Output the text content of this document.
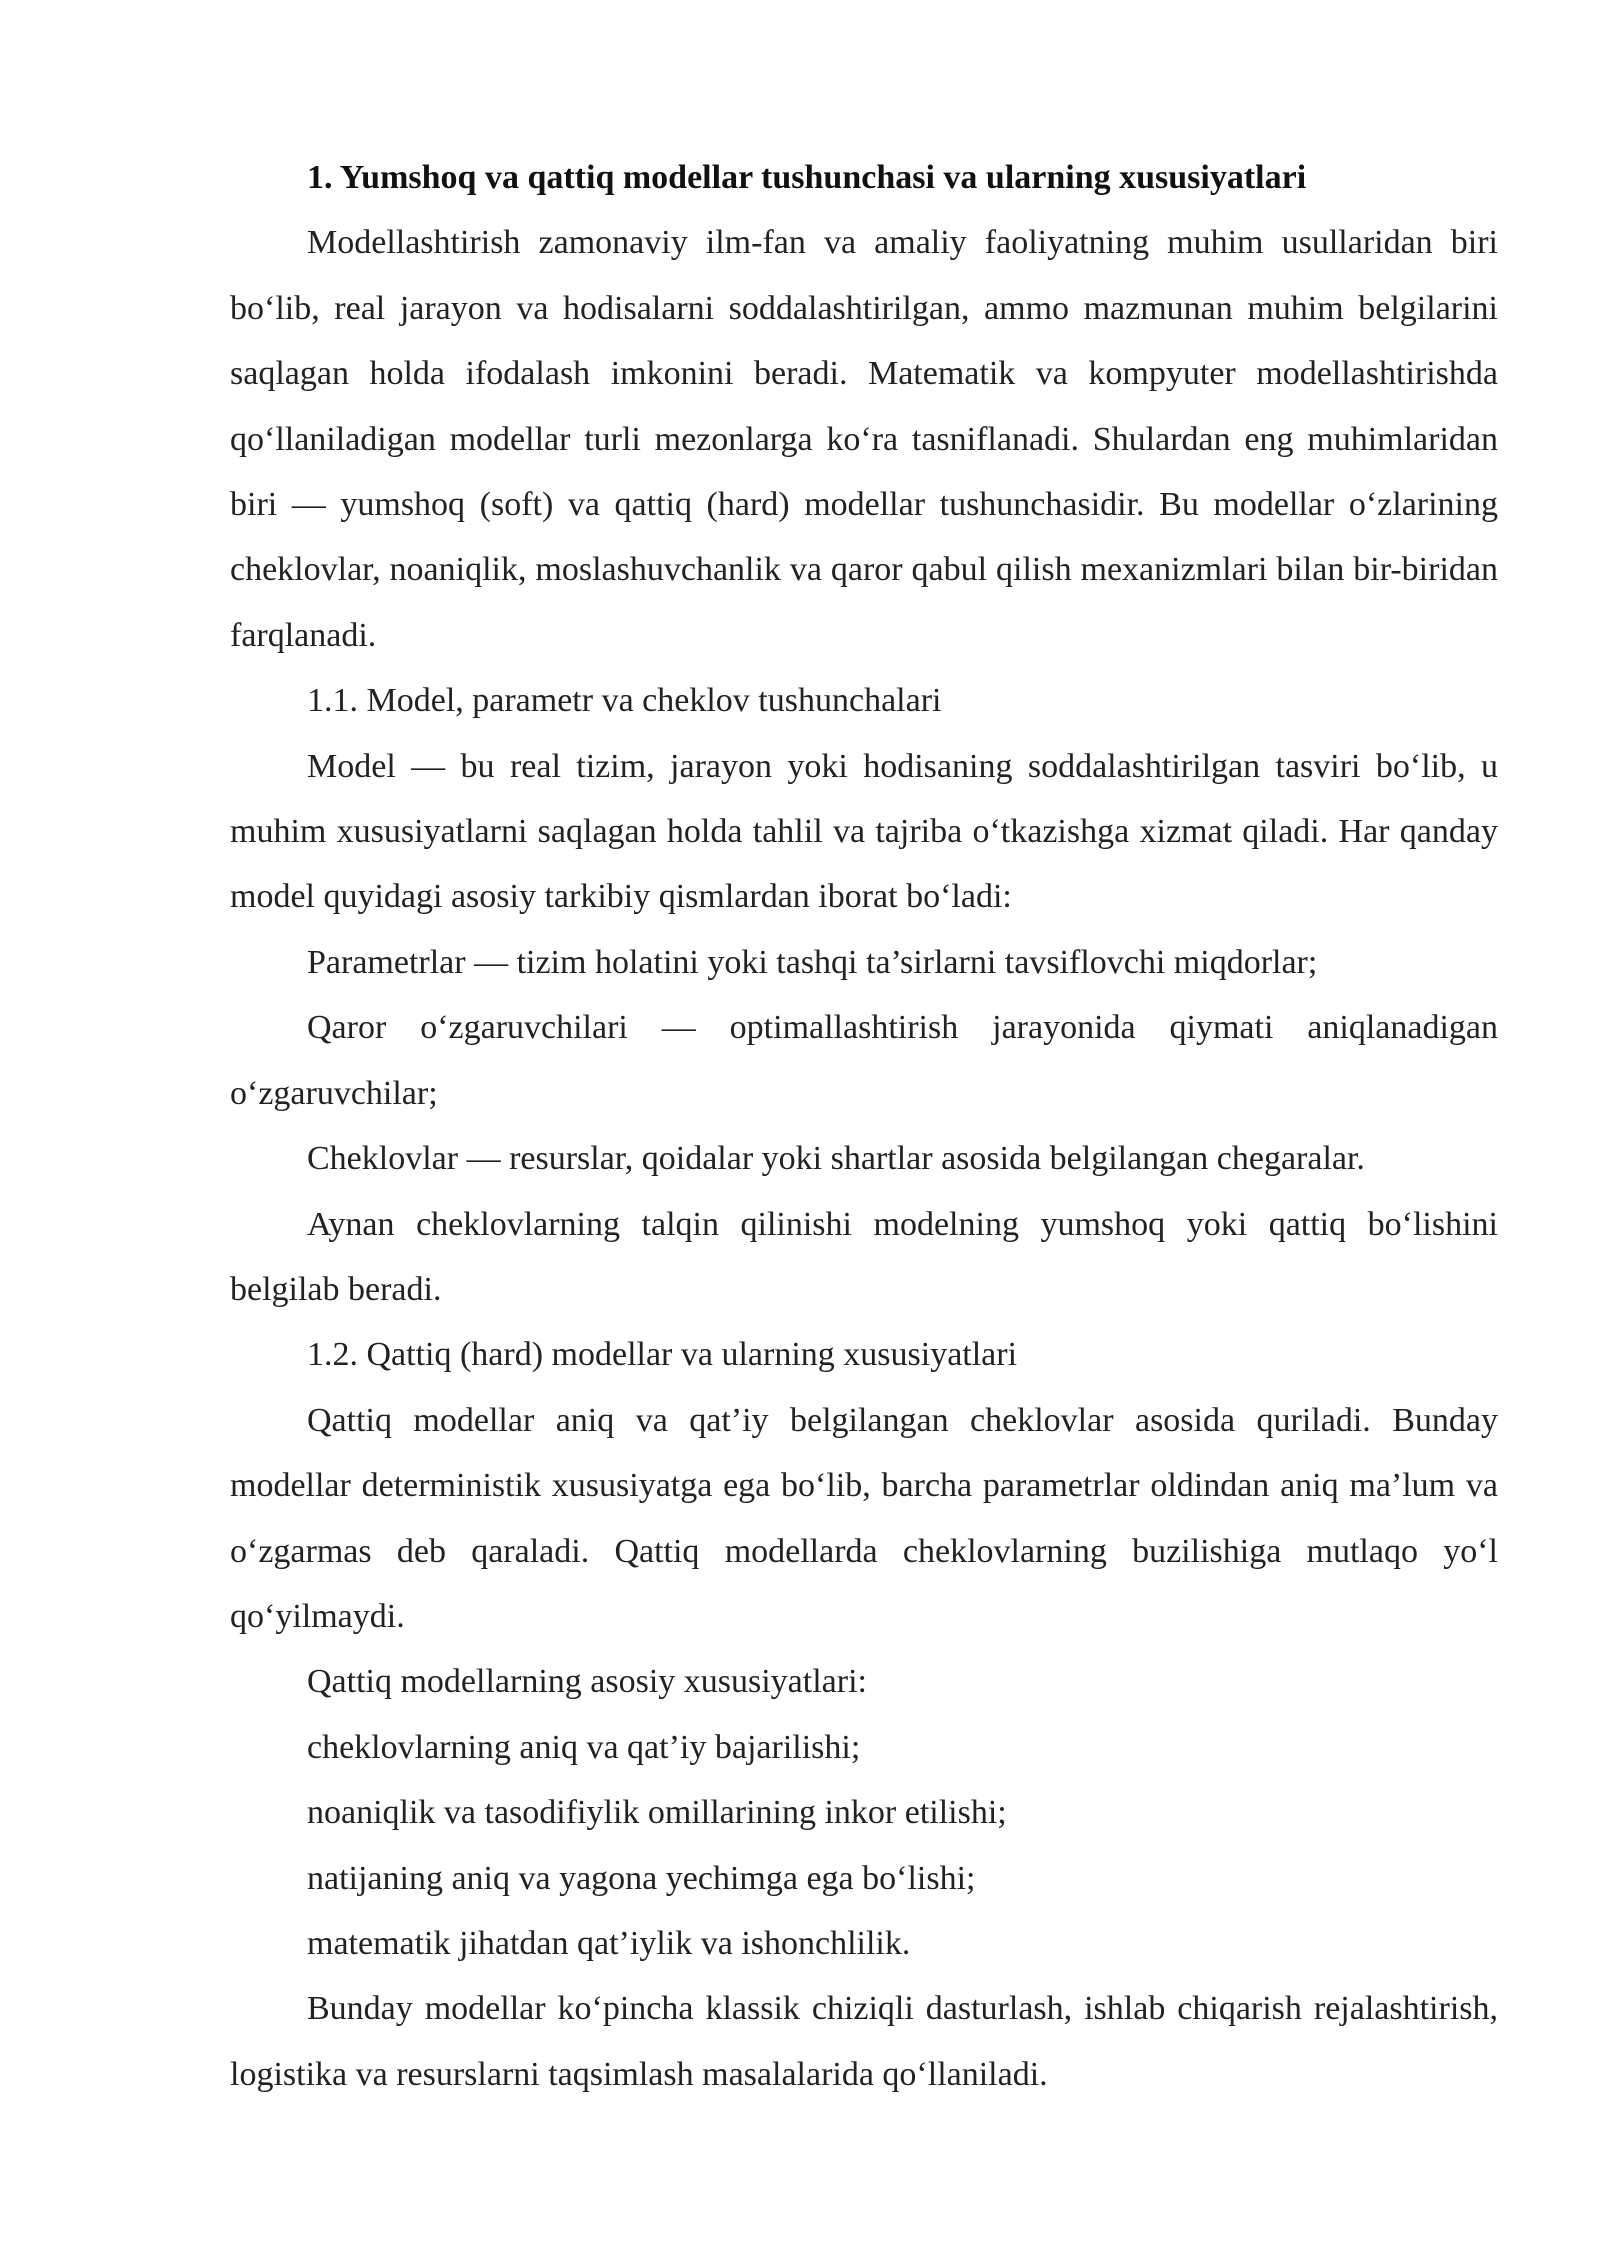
1. Yumshoq va qattiq modellar tushunchasi va ularning xususiyatlari

Modellashtirish zamonaviy ilm-fan va amaliy faoliyatning muhim usullaridan biri bo‘lib, real jarayon va hodisalarni soddalashtirilgan, ammo mazmunan muhim belgilarini saqlagan holda ifodalash imkonini beradi. Matematik va kompyuter modellashtirishda qo‘llaniladigan modellar turli mezonlarga ko‘ra tasniflanadi. Shulardan eng muhimlaridan biri — yumshoq (soft) va qattiq (hard) modellar tushunchasidir. Bu modellar o‘zlarining cheklovlar, noaniqlik, moslashuvchanlik va qaror qabul qilish mexanizmlari bilan bir-biridan farqlanadi.

1.1. Model, parametr va cheklov tushunchalari

Model — bu real tizim, jarayon yoki hodisaning soddalashtirilgan tasviri bo‘lib, u muhim xususiyatlarni saqlagan holda tahlil va tajriba o‘tkazishga xizmat qiladi. Har qanday model quyidagi asosiy tarkibiy qismlardan iborat bo‘ladi:

Parametrlar — tizim holatini yoki tashqi ta’sirlarni tavsiflovchi miqdorlar;

Qaror o‘zgaruvchilari — optimallashtirish jarayonida qiymati aniqlanadigan o‘zgaruvchilar;

Cheklovlar — resurslar, qoidalar yoki shartlar asosida belgilangan chegaralar.

Aynan cheklovlarning talqin qilinishi modelning yumshoq yoki qattiq bo‘lishini belgilab beradi.

1.2. Qattiq (hard) modellar va ularning xususiyatlari

Qattiq modellar aniq va qat’iy belgilangan cheklovlar asosida quriladi. Bunday modellar deterministik xususiyatga ega bo‘lib, barcha parametrlar oldindan aniq ma’lum va o‘zgarmas deb qaraladi. Qattiq modellarda cheklovlarning buzilishiga mutlaqo yo‘l qo‘yilmaydi.

Qattiq modellarning asosiy xususiyatlari:

cheklovlarning aniq va qat’iy bajarilishi;

noaniqlik va tasodifiylik omillarining inkor etilishi;

natijaning aniq va yagona yechimga ega bo‘lishi;

matematik jihatdan qat’iylik va ishonchlilik.

Bunday modellar ko‘pincha klassik chiziqli dasturlash, ishlab chiqarish rejalashtirish, logistika va resurslarni taqsimlash masalalarida qo‘llaniladi.
